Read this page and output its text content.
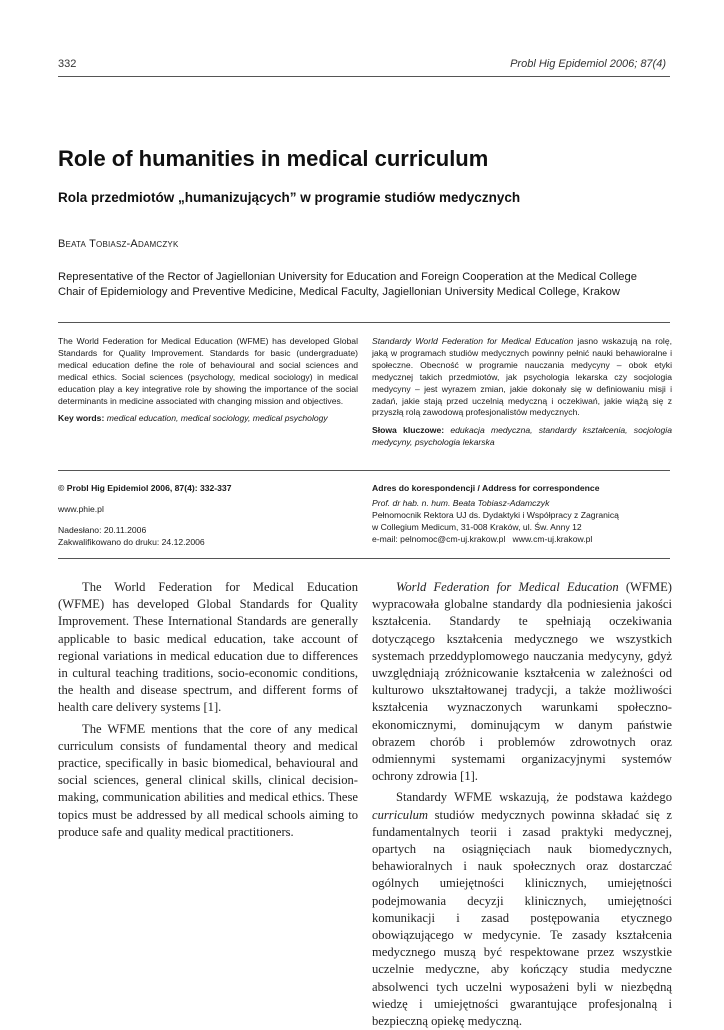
332	Probl Hig Epidemiol 2006; 87(4)
Role of humanities in medical curriculum
Rola przedmiotów „humanizujących” w programie studiów medycznych
Beata Tobiasz-Adamczyk
Representative of the Rector of Jagiellonian University for Education and Foreign Cooperation at the Medical College
Chair of Epidemiology and Preventive Medicine, Medical Faculty, Jagiellonian University Medical College, Krakow
The World Federation for Medical Education (WFME) has developed Global Standards for Quality Improvement. Standards for basic (undergraduate) medical education define the role of behavioural and social sciences and medical ethics. Social sciences (psychology, medical sociology) in medical education play a key integrative role by showing the importance of the social determinants in medicine associated with changing mission and objectives.
Key words: medical education, medical sociology, medical psychology
Standardy World Federation for Medical Education jasno wskazują na rolę, jaką w programach studiów medycznych powinny pełnić nauki behawioralne i społeczne. Obecność w programie nauczania medycyny – obok etyki medycznej takich przedmiotów, jak psychologia lekarska czy socjologia medycyny – jest wyrazem zmian, jakie dokonały się w definiowaniu misji i zadań, jakie stają przed uczelnią medyczną i oczekiwań, jakie wiążą się z przyszłą rolą zawodową profesjonalistów medycznych.
Słowa kluczowe: edukacja medyczna, standardy kształcenia, socjologia medycyny, psychologia lekarska
© Probl Hig Epidemiol 2006, 87(4): 332-337
www.phie.pl
Nadesłano: 20.11.2006
Zakwalifikowano do druku: 24.12.2006
Adres do korespondencji / Address for correspondence
Prof. dr hab. n. hum. Beata Tobiasz-Adamczyk
Pełnomocnik Rektora UJ ds. Dydaktyki i Współpracy z Zagranicą
w Collegium Medicum, 31-008 Kraków, ul. Św. Anny 12
e-mail: pelnomoc@cm-uj.krakow.pl   www.cm-uj.krakow.pl

The World Federation for Medical Education (WFME) has developed Global Standards for Quality Improvement. These International Standards are generally applicable to basic medical education, take account of regional variations in medical education due to differences in cultural teaching traditions, socio-economic conditions, the health and disease spectrum, and different forms of health care delivery systems [1].

The WFME mentions that the core of any medical curriculum consists of fundamental theory and medical practice, specifically in basic biomedical, behavioural and social sciences, general clinical skills, clinical decision-making, communication abilities and medical ethics. These topics must be addressed by all medical schools aiming to produce safe and quality medical practitioners.

World Federation for Medical Education (WFME) wypracowała globalne standardy dla podniesienia jakości kształcenia. Standardy te spełniają oczekiwania dotyczącego kształcenia medycznego we wszystkich systemach przeddyplomowego nauczania medycyny, gdyż uwzględniają zróżnicowanie kształcenia w zależności od kulturowo ukształtowanej tradycji, a także możliwości kształcenia wyznaczonych warunkami społeczno-ekonomicznymi, dominującym w danym państwie obrazem chorób i problemów zdrowotnych oraz odmiennymi systemami organizacyjnymi systemów ochrony zdrowia [1].

Standardy WFME wskazują, że podstawa każdego curriculum studiów medycznych powinna składać się z fundamentalnych teorii i zasad praktyki medycznej, opartych na osiągnięciach nauk biomedycznych, behawioralnych i nauk społecznych oraz dostarczać ogólnych umiejętności klinicznych, umiejętności podejmowania decyzji klinicznych, umiejętności komunikacji i zasad postępowania etycznego obowiązującego w medycynie. Te zasady kształcenia medycznego muszą być respektowane przez wszystkie uczelnie medyczne, aby kończący studia medyczne absolwenci tych uczelni wyposażeni byli w niezbędną wiedzę i umiejętności gwarantujące profesjonalną i bezpieczną opiekę medyczną.
